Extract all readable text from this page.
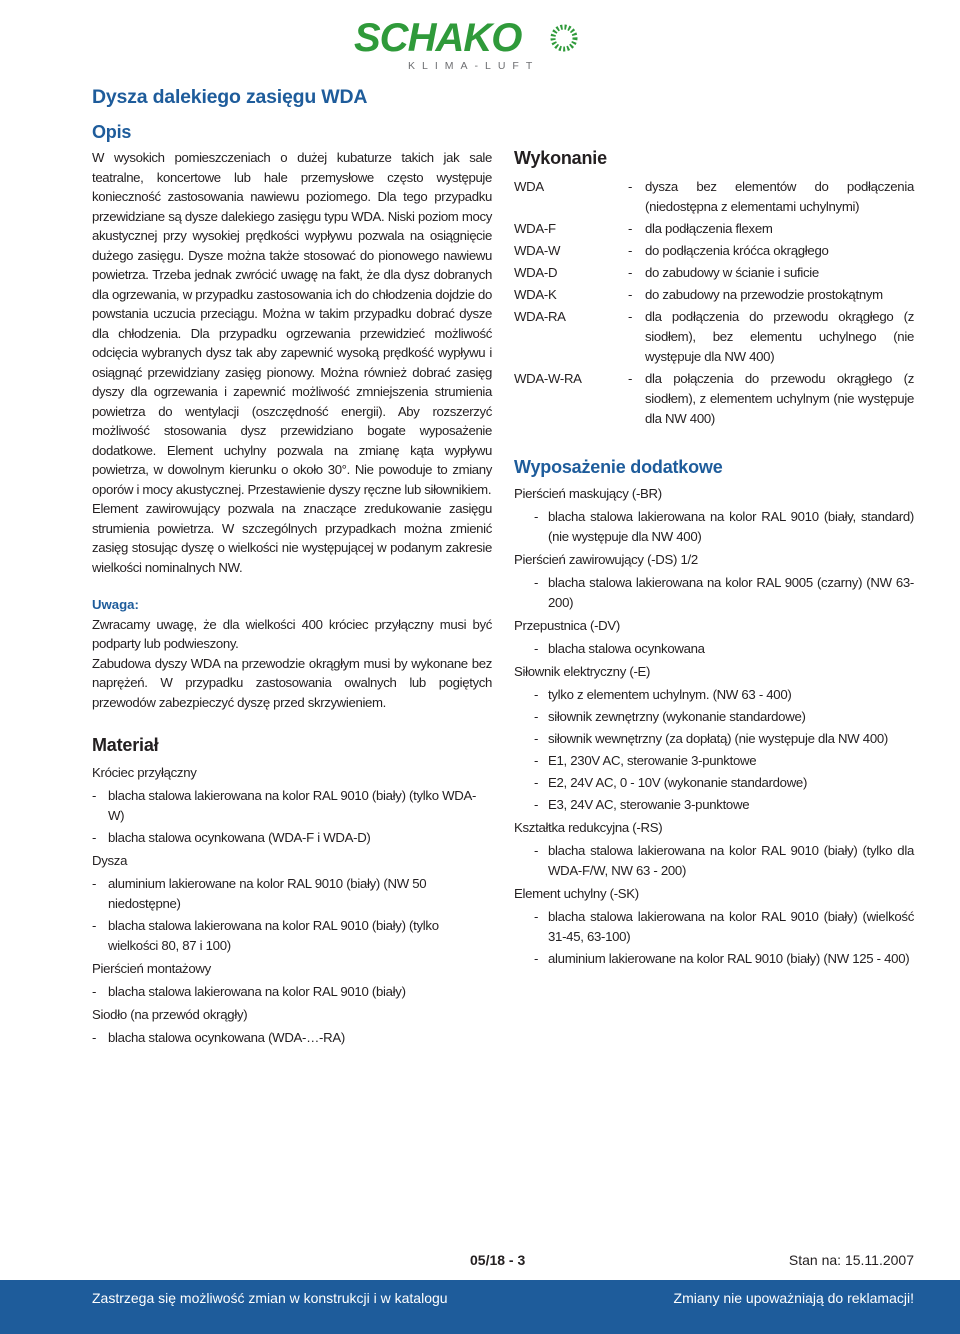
SCHAKO
KLIMA-LUFT
Dysza dalekiego zasięgu WDA
Opis

W wysokich pomieszczeniach o dużej kubaturze takich jak sale teatralne, koncertowe lub hale przemysłowe często występuje konieczność zastosowania nawiewu poziomego. Dla tego przypadku przewidziane są dysze dalekiego zasięgu typu WDA. Niski poziom mocy akustycznej przy wysokiej prędkości wypływu pozwala na osiągnięcie dużego zasięgu. Dysze można także stosować do pionowego nawiewu powietrza. Trzeba jednak zwrócić uwagę na fakt, że dla dysz dobranych dla ogrzewania, w przypadku zastosowania ich do chłodzenia dojdzie do powstania uczucia przeciągu. Można w takim przypadku dobrać dysze dla chłodzenia. Dla przypadku ogrzewania przewidzieć możliwość odcięcia wybranych dysz tak aby zapewnić wysoką prędkość wypływu i osiągnąć przewidziany zasięg pionowy. Można również dobrać zasięg dyszy dla ogrzewania i zapewnić możliwość zmniejszenia strumienia powietrza do wentylacji (oszczędność energii). Aby rozszerzyć możliwość stosowania dysz przewidziano bogate wyposażenie dodatkowe. Element uchylny pozwala na zmianę kąta wypływu powietrza, w dowolnym kierunku o około 30°. Nie powoduje to zmiany oporów i mocy akustycznej. Przestawienie dyszy ręczne lub siłownikiem.

Element zawirowujący pozwala na znaczące zredukowanie zasięgu strumienia powietrza. W szczególnych przypadkach można zmienić zasięg stosując dyszę o wielkości nie występującej w podanym zakresie wielkości nominalnych NW.

Uwaga:

Zwracamy uwagę, że dla wielkości 400 króciec przyłączny musi być podparty lub podwieszony.

Zabudowa dyszy WDA na przewodzie okrągłym musi by wykonane bez naprężeń. W przypadku zastosowania owalnych lub pogiętych przewodów zabezpieczyć dyszę przed skrzywieniem.

Materiał
Króciec przyłączny
- blacha stalowa lakierowana na kolor RAL 9010 (biały) (tylko WDA-W)
- blacha stalowa ocynkowana (WDA-F i WDA-D)
Dysza
- aluminium lakierowane na kolor RAL 9010 (biały) (NW 50 niedostępne)
- blacha stalowa lakierowana na kolor RAL 9010 (biały) (tylko wielkości 80, 87 i 100)
Pierścień montażowy
- blacha stalowa lakierowana na kolor RAL 9010 (biały)
Siodło (na przewód okrągły)
- blacha stalowa ocynkowana (WDA-…-RA)
Wykonanie
WDA	- dysza bez elementów do podłączenia (niedostępna z elementami uchylnymi)
WDA-F	- dla podłączenia flexem
WDA-W	- do podłączenia króćca okrągłego
WDA-D	- do zabudowy w ścianie i suficie
WDA-K	- do zabudowy na przewodzie prostokątnym
WDA-RA	- dla podłączenia do przewodu okrągłego (z siodłem), bez elementu uchylnego (nie występuje dla NW 400)
WDA-W-RA	- dla połączenia do przewodu okrągłego (z siodłem), z elementem uchylnym (nie występuje dla NW 400)
Wyposażenie dodatkowe
Pierścień maskujący (-BR)
- blacha stalowa lakierowana na kolor RAL 9010 (biały, standard) (nie występuje dla NW 400)
Pierścień zawirowujący (-DS) 1/2
- blacha stalowa lakierowana na kolor RAL 9005 (czarny) (NW 63-200)
Przepustnica (-DV)
- blacha stalowa ocynkowana
Siłownik elektryczny (-E)
- tylko z elementem uchylnym. (NW 63 - 400)
- siłownik zewnętrzny (wykonanie standardowe)
- siłownik wewnętrzny (za dopłatą) (nie występuje dla NW 400)
- E1, 230V AC, sterowanie 3-punktowe
- E2, 24V AC, 0 - 10V (wykonanie standardowe)
- E3, 24V AC, sterowanie 3-punktowe
Kształtka redukcyjna (-RS)
- blacha stalowa lakierowana na kolor RAL 9010 (biały) (tylko dla WDA-F/W, NW 63 - 200)
Element uchylny (-SK)
- blacha stalowa lakierowana na kolor RAL 9010 (biały) (wielkość 31-45, 63-100)
- aluminium lakierowane na kolor RAL 9010 (biały) (NW 125 - 400)
05/18 - 3	Stan na: 15.11.2007
Zastrzega się możliwość zmian w konstrukcji i w katalogu	Zmiany nie upoważniają do reklamacji!
